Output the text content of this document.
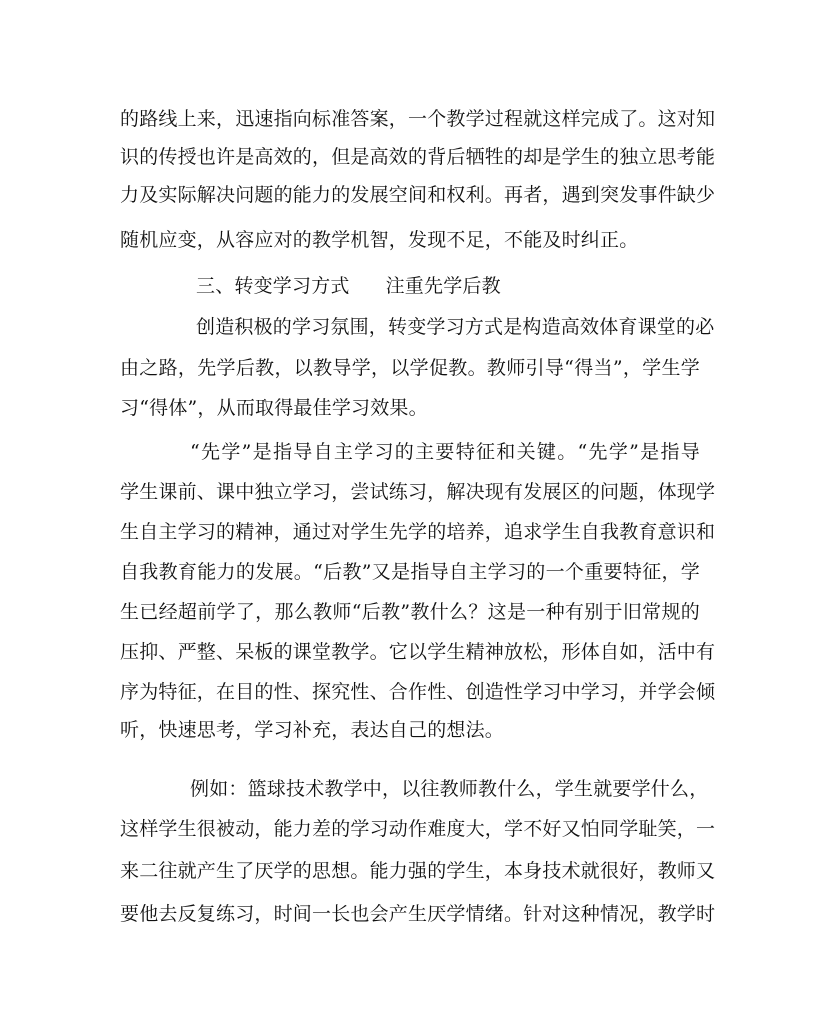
的路线上来，迅速指向标准答案，一个教学过程就这样完成了。这对知
识的传授也许是高效的，但是高效的背后牺牲的却是学生的独立思考能
力及实际解决问题的能力的发展空间和权利。再者，遇到突发事件缺少
随机应变，从容应对的教学机智，发现不足，不能及时纠正。
三、转变学习方式 注重先学后教
创造积极的学习氛围，转变学习方式是构造高效体育课堂的必
由之路，先学后教，以教导学，以学促教。教师引导“得当”，学生学
习“得体”，从而取得最佳学习效果。
“先学”是指导自主学习的主要特征和关键。“先学”是指导
学生课前、课中独立学习，尝试练习，解决现有发展区的问题，体现学
生自主学习的精神，通过对学生先学的培养，追求学生自我教育意识和
自我教育能力的发展。“后教”又是指导自主学习的一个重要特征，学
生已经超前学了，那么教师“后教”教什么？这是一种有别于旧常规的
压抑、严整、呆板的课堂教学。它以学生精神放松，形体自如，活中有
序为特征，在目的性、探究性、合作性、创造性学习中学习，并学会倾
听，快速思考，学习补充，表达自己的想法。
例如：篮球技术教学中，以往教师教什么，学生就要学什么，
这样学生很被动，能力差的学习动作难度大，学不好又怕同学耻笑，一
来二往就产生了厌学的思想。能力强的学生，本身技术就很好，教师又
要他去反复练习，时间一长也会产生厌学情绪。针对这种情况，教学时
